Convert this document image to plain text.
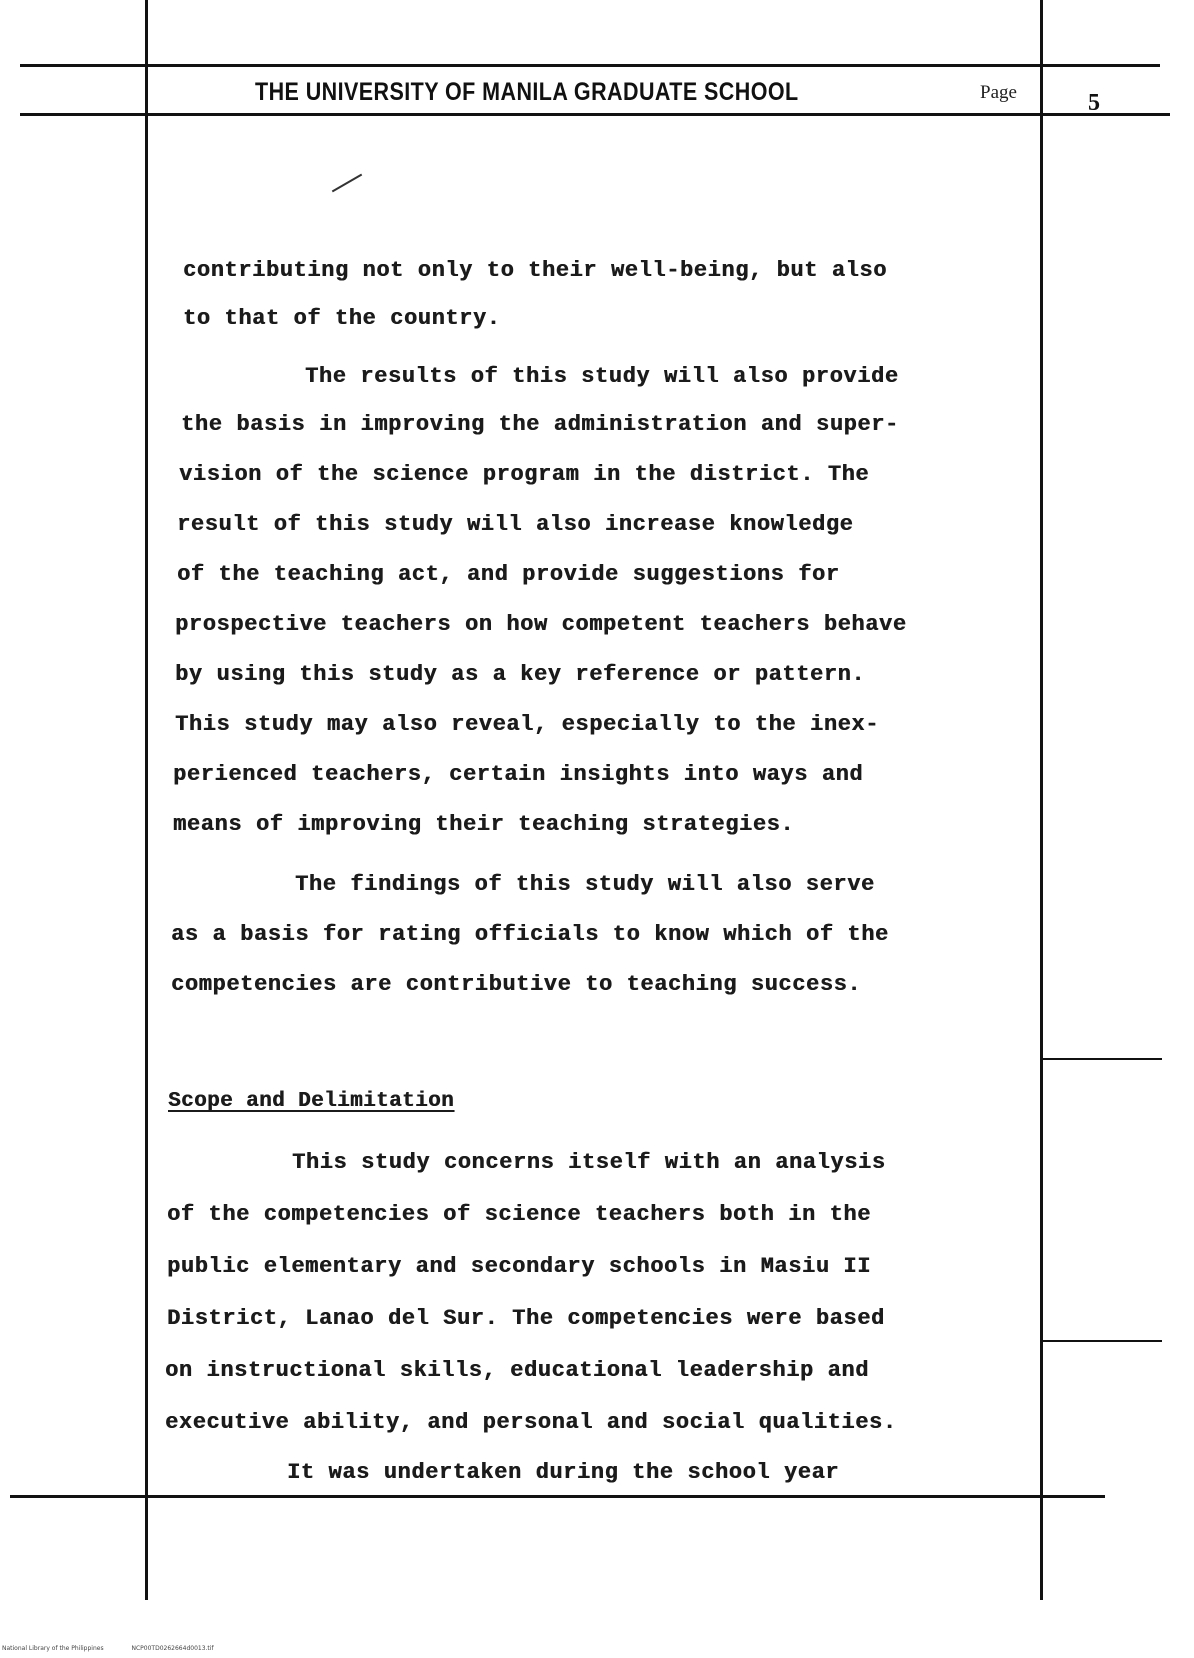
THE UNIVERSITY OF MANILA GRADUATE SCHOOL	Page	5
contributing not only to their well-being, but also
to that of the country.
The results of this study will also provide
the basis in improving the administration and super-
vision of the science program in the district. The
result of this study will also increase knowledge
of the teaching act, and provide suggestions for
prospective teachers on how competent teachers behave
by using this study as a key reference or pattern.
This study may also reveal, especially to the inex-
perienced teachers, certain insights into ways and
means of improving their teaching strategies.
The findings of this study will also serve
as a basis for rating officials to know which of the
competencies are contributive to teaching success.
Scope and Delimitation
This study concerns itself with an analysis
of the competencies of science teachers both in the
public elementary and secondary schools in Masiu II
District, Lanao del Sur. The competencies were based
on instructional skills, educational leadership and
executive ability, and personal and social qualities.
It was undertaken during the school year
National Library of the Philippines	NCP00TD0262664d0013.tif
